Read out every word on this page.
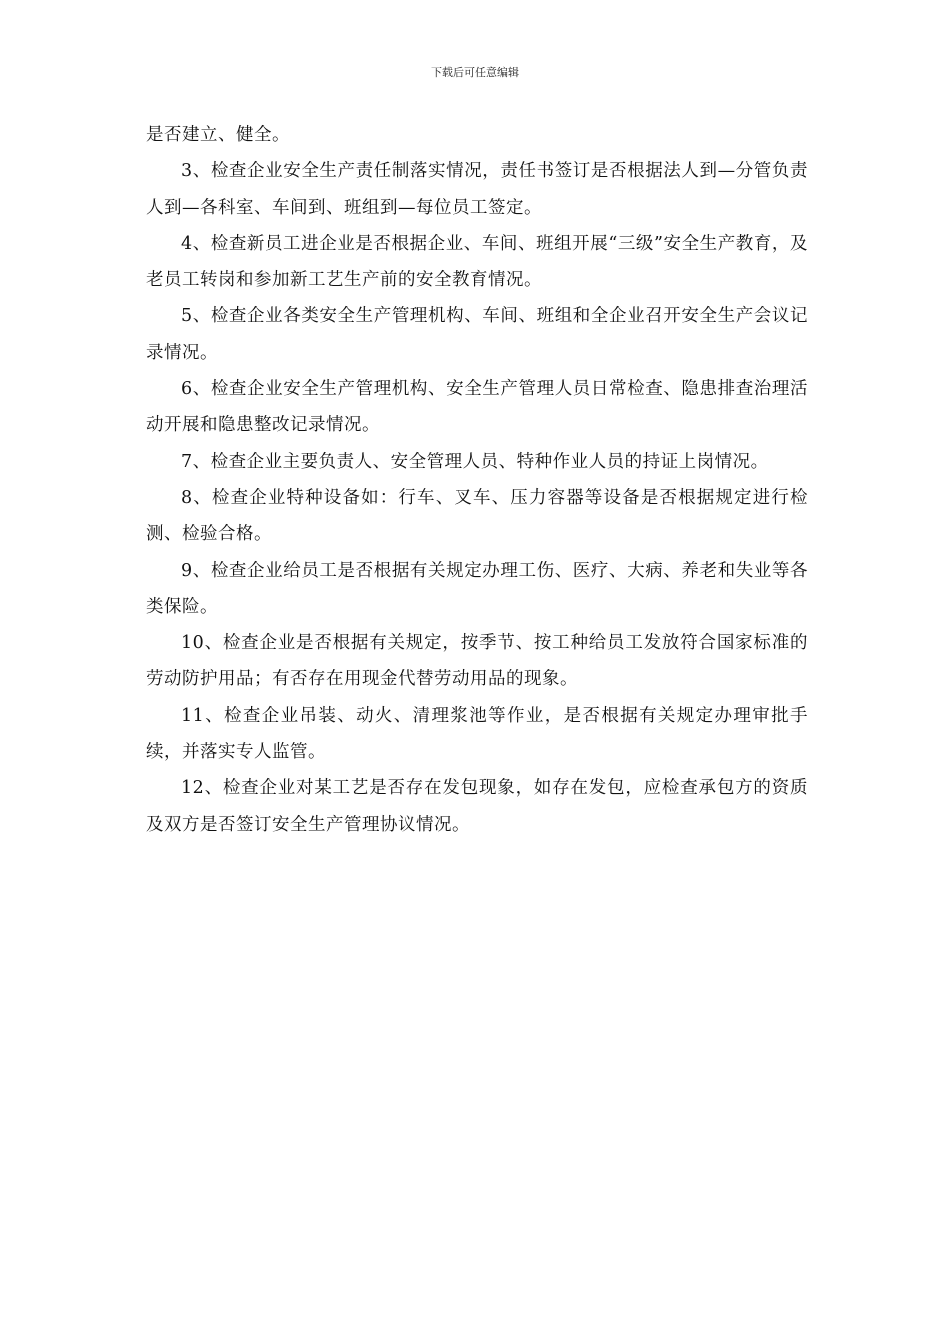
下载后可任意编辑

是否建立、健全。

3、检查企业安全生产责任制落实情况，责任书签订是否根据法人到—分管负责人到—各科室、车间到、班组到—每位员工签定。

4、检查新员工进企业是否根据企业、车间、班组开展“三级”安全生产教育，及老员工转岗和参加新工艺生产前的安全教育情况。

5、检查企业各类安全生产管理机构、车间、班组和全企业召开安全生产会议记录情况。

6、检查企业安全生产管理机构、安全生产管理人员日常检查、隐患排查治理活动开展和隐患整改记录情况。

7、检查企业主要负责人、安全管理人员、特种作业人员的持证上岗情况。

8、检查企业特种设备如：行车、叉车、压力容器等设备是否根据规定进行检测、检验合格。

9、检查企业给员工是否根据有关规定办理工伤、医疗、大病、养老和失业等各类保险。

10、检查企业是否根据有关规定，按季节、按工种给员工发放符合国家标准的劳动防护用品；有否存在用现金代替劳动用品的现象。

11、检查企业吊装、动火、清理浆池等作业，是否根据有关规定办理审批手续，并落实专人监管。

12、检查企业对某工艺是否存在发包现象，如存在发包，应检查承包方的资质及双方是否签订安全生产管理协议情况。
